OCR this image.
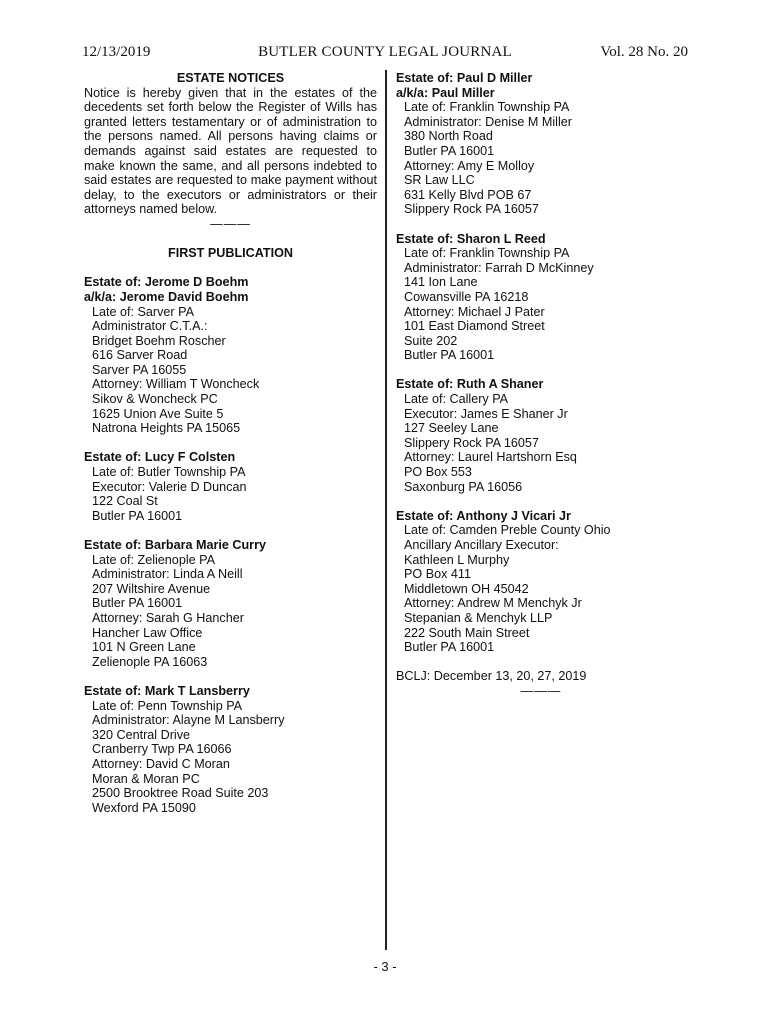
12/13/2019	BUTLER COUNTY LEGAL JOURNAL	Vol. 28 No. 20
ESTATE NOTICES
Notice is hereby given that in the estates of the decedents set forth below the Register of Wills has granted letters testamentary or of administration to the persons named. All persons having claims or demands against said estates are requested to make known the same, and all persons indebted to said estates are requested to make payment without delay, to the executors or administrators or their attorneys named below.
———
FIRST PUBLICATION
Estate of: Jerome D Boehm
a/k/a: Jerome David Boehm
Late of: Sarver PA
Administrator C.T.A.:
Bridget Boehm Roscher
616 Sarver Road
Sarver PA 16055
Attorney: William T Woncheck
Sikov & Woncheck PC
1625 Union Ave Suite 5
Natrona Heights PA 15065
Estate of: Lucy F Colsten
Late of: Butler Township PA
Executor: Valerie D Duncan
122 Coal St
Butler PA 16001
Estate of: Barbara Marie Curry
Late of: Zelienople PA
Administrator: Linda A Neill
207 Wiltshire Avenue
Butler PA 16001
Attorney: Sarah G Hancher
Hancher Law Office
101 N Green Lane
Zelienople PA 16063
Estate of: Mark T Lansberry
Late of: Penn Township PA
Administrator: Alayne M Lansberry
320 Central Drive
Cranberry Twp PA 16066
Attorney: David C Moran
Moran & Moran PC
2500 Brooktree Road Suite 203
Wexford PA 15090
Estate of: Paul D Miller
a/k/a: Paul Miller
Late of: Franklin Township PA
Administrator: Denise M Miller
380 North Road
Butler PA 16001
Attorney: Amy E Molloy
SR Law LLC
631 Kelly Blvd POB 67
Slippery Rock PA 16057
Estate of: Sharon L Reed
Late of: Franklin Township PA
Administrator: Farrah D McKinney
141 Ion Lane
Cowansville PA 16218
Attorney: Michael J Pater
101 East Diamond Street
Suite 202
Butler PA 16001
Estate of: Ruth A Shaner
Late of: Callery PA
Executor: James E Shaner Jr
127 Seeley Lane
Slippery Rock PA 16057
Attorney: Laurel Hartshorn Esq
PO Box 553
Saxonburg PA 16056
Estate of: Anthony J Vicari Jr
Late of: Camden Preble County Ohio
Ancillary Ancillary Executor:
Kathleen L Murphy
PO Box 411
Middletown OH 45042
Attorney: Andrew M Menchyk Jr
Stepanian & Menchyk LLP
222 South Main Street
Butler PA 16001
BCLJ: December 13, 20, 27, 2019
———
- 3 -
